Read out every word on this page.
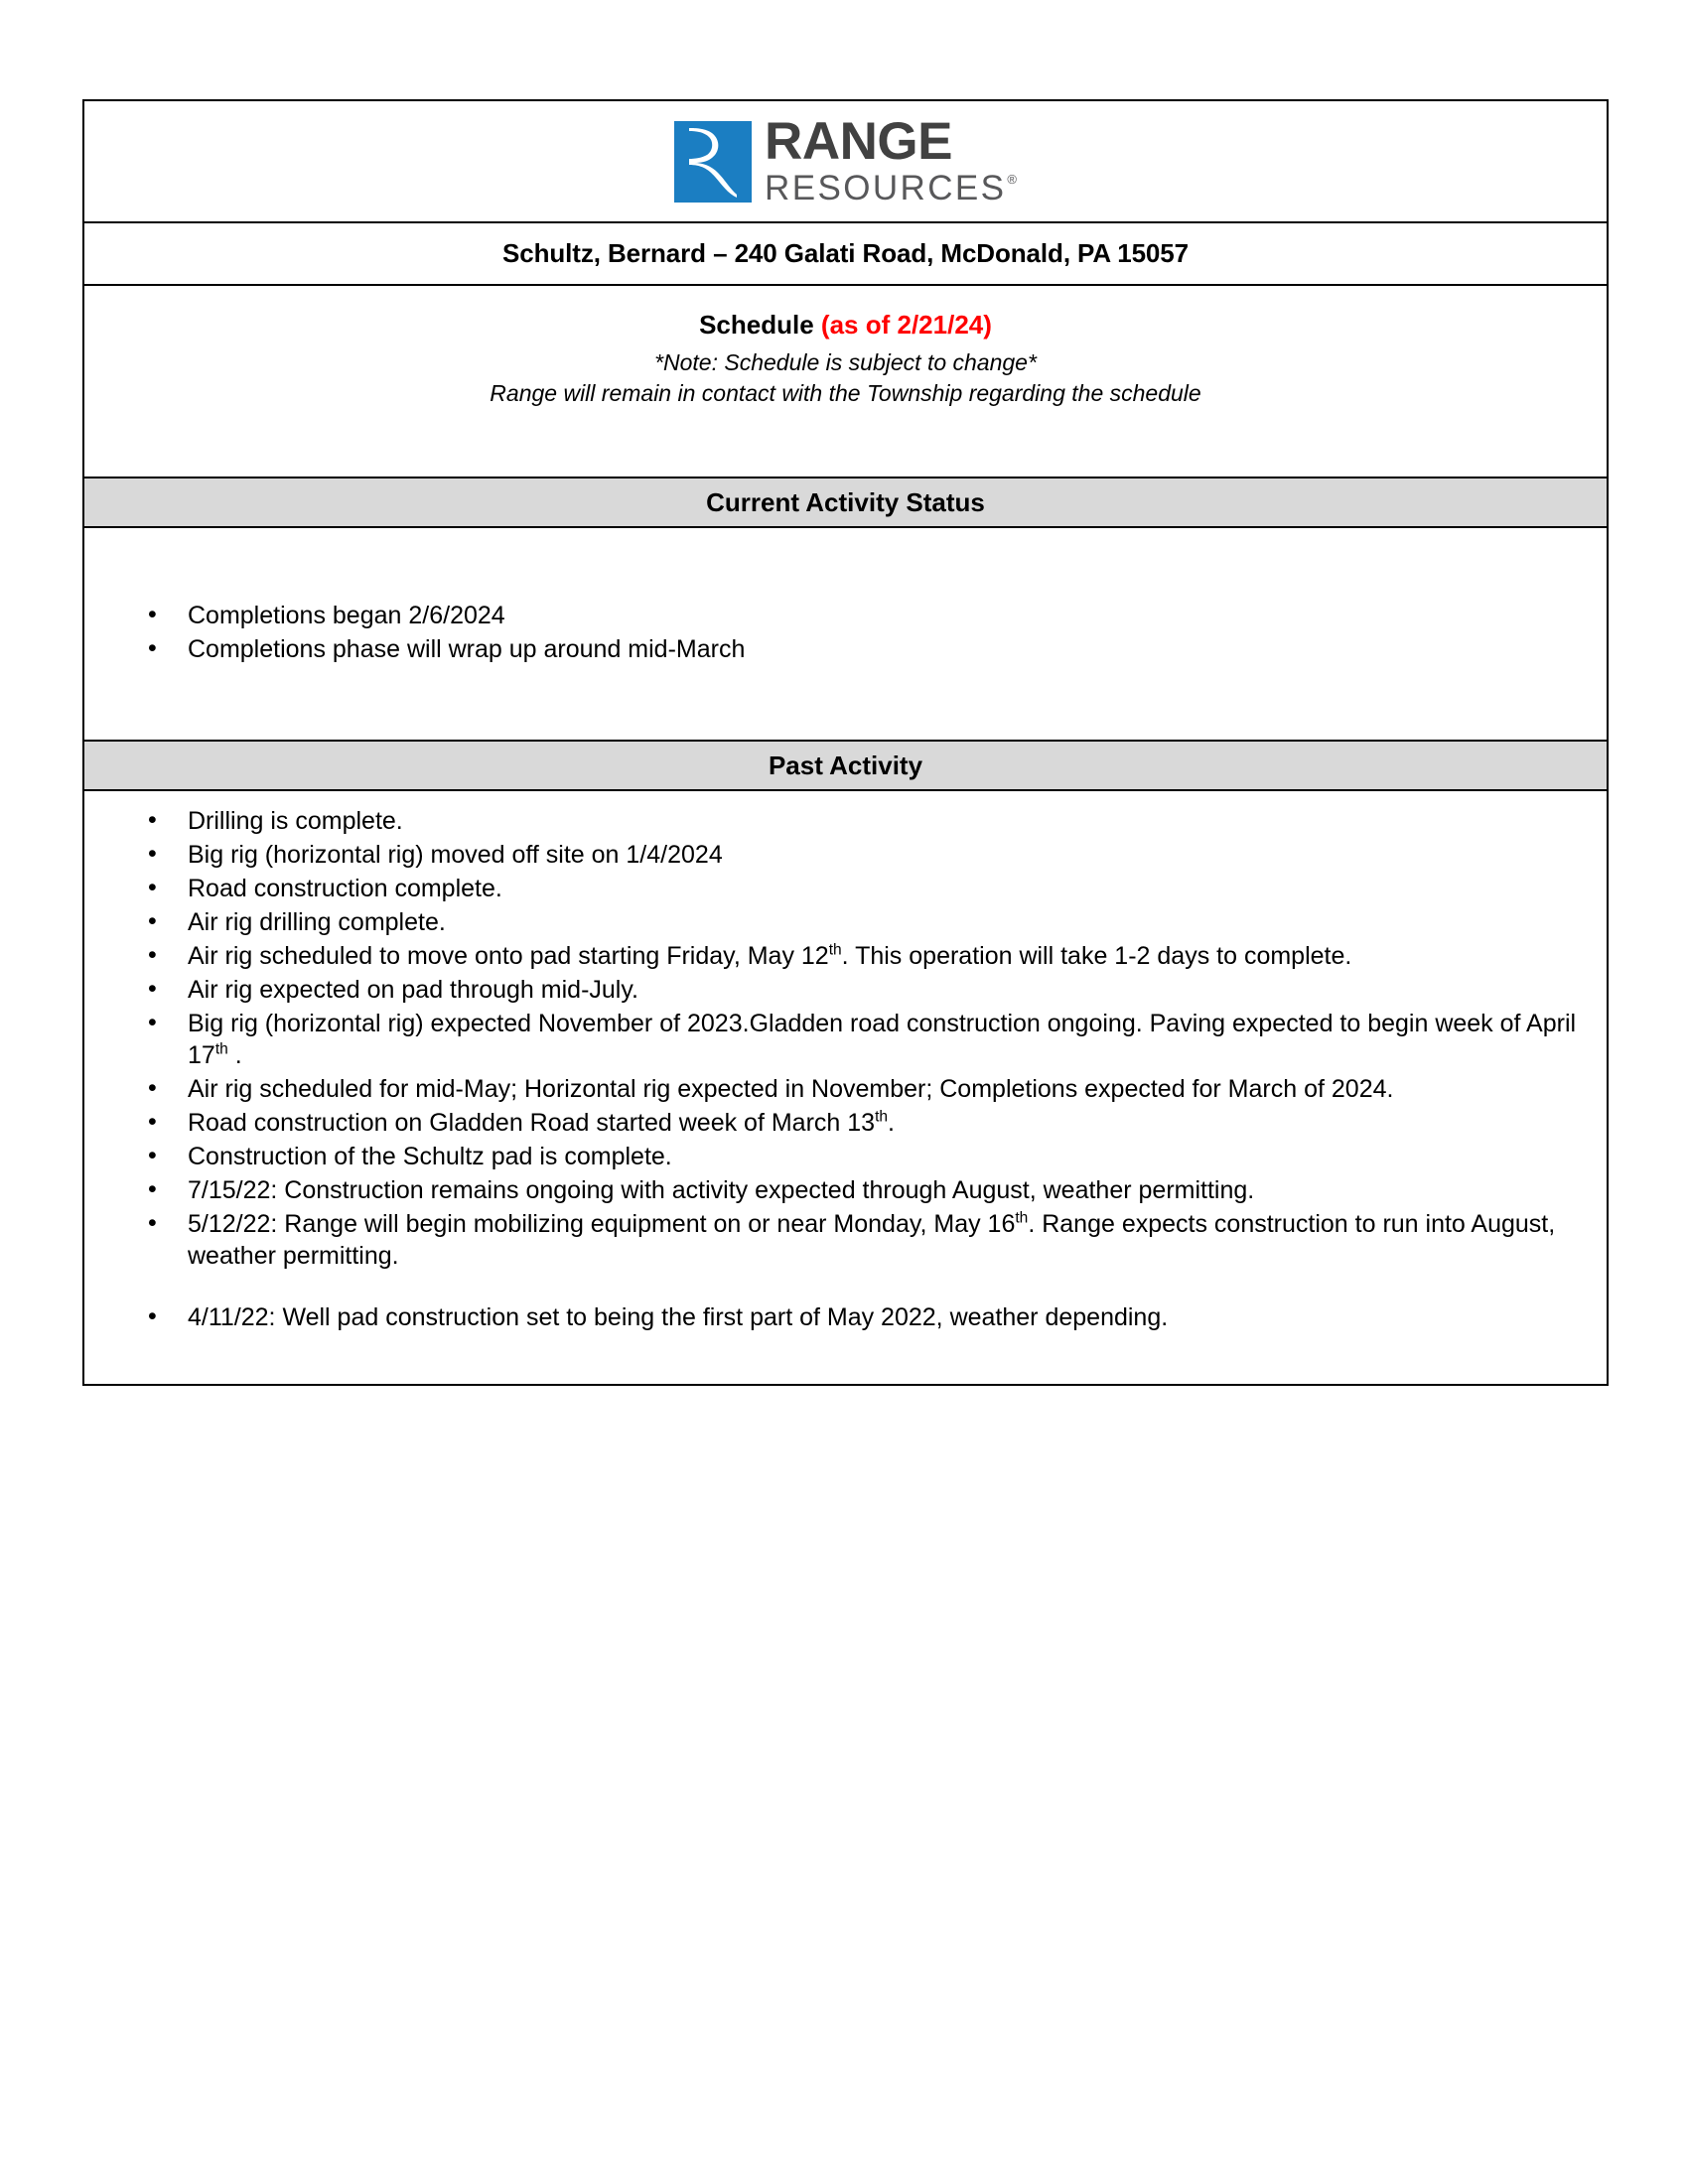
RANGE
RESOURCES ®
Schultz, Bernard – 240 Galati Road, McDonald, PA 15057
Schedule (as of 2/21/24)
*Note: Schedule is subject to change*
Range will remain in contact with the Township regarding the schedule
Current Activity Status
• Completions began 2/6/2024
• Completions phase will wrap up around mid-March
Past Activity
• Drilling is complete.
• Big rig (horizontal rig) moved off site on 1/4/2024
• Road construction complete.
• Air rig drilling complete.
• Air rig scheduled to move onto pad starting Friday, May 12th. This operation will take 1-2 days to complete.
• Air rig expected on pad through mid-July.
• Big rig (horizontal rig) expected November of 2023.Gladden road construction ongoing. Paving expected to begin week of April 17th .
• Air rig scheduled for mid-May; Horizontal rig expected in November; Completions expected for March of 2024.
• Road construction on Gladden Road started week of March 13th.
• Construction of the Schultz pad is complete.
• 7/15/22: Construction remains ongoing with activity expected through August, weather permitting.
• 5/12/22: Range will begin mobilizing equipment on or near Monday, May 16th. Range expects construction to run into August, weather permitting.
• 4/11/22: Well pad construction set to being the first part of May 2022, weather depending.
